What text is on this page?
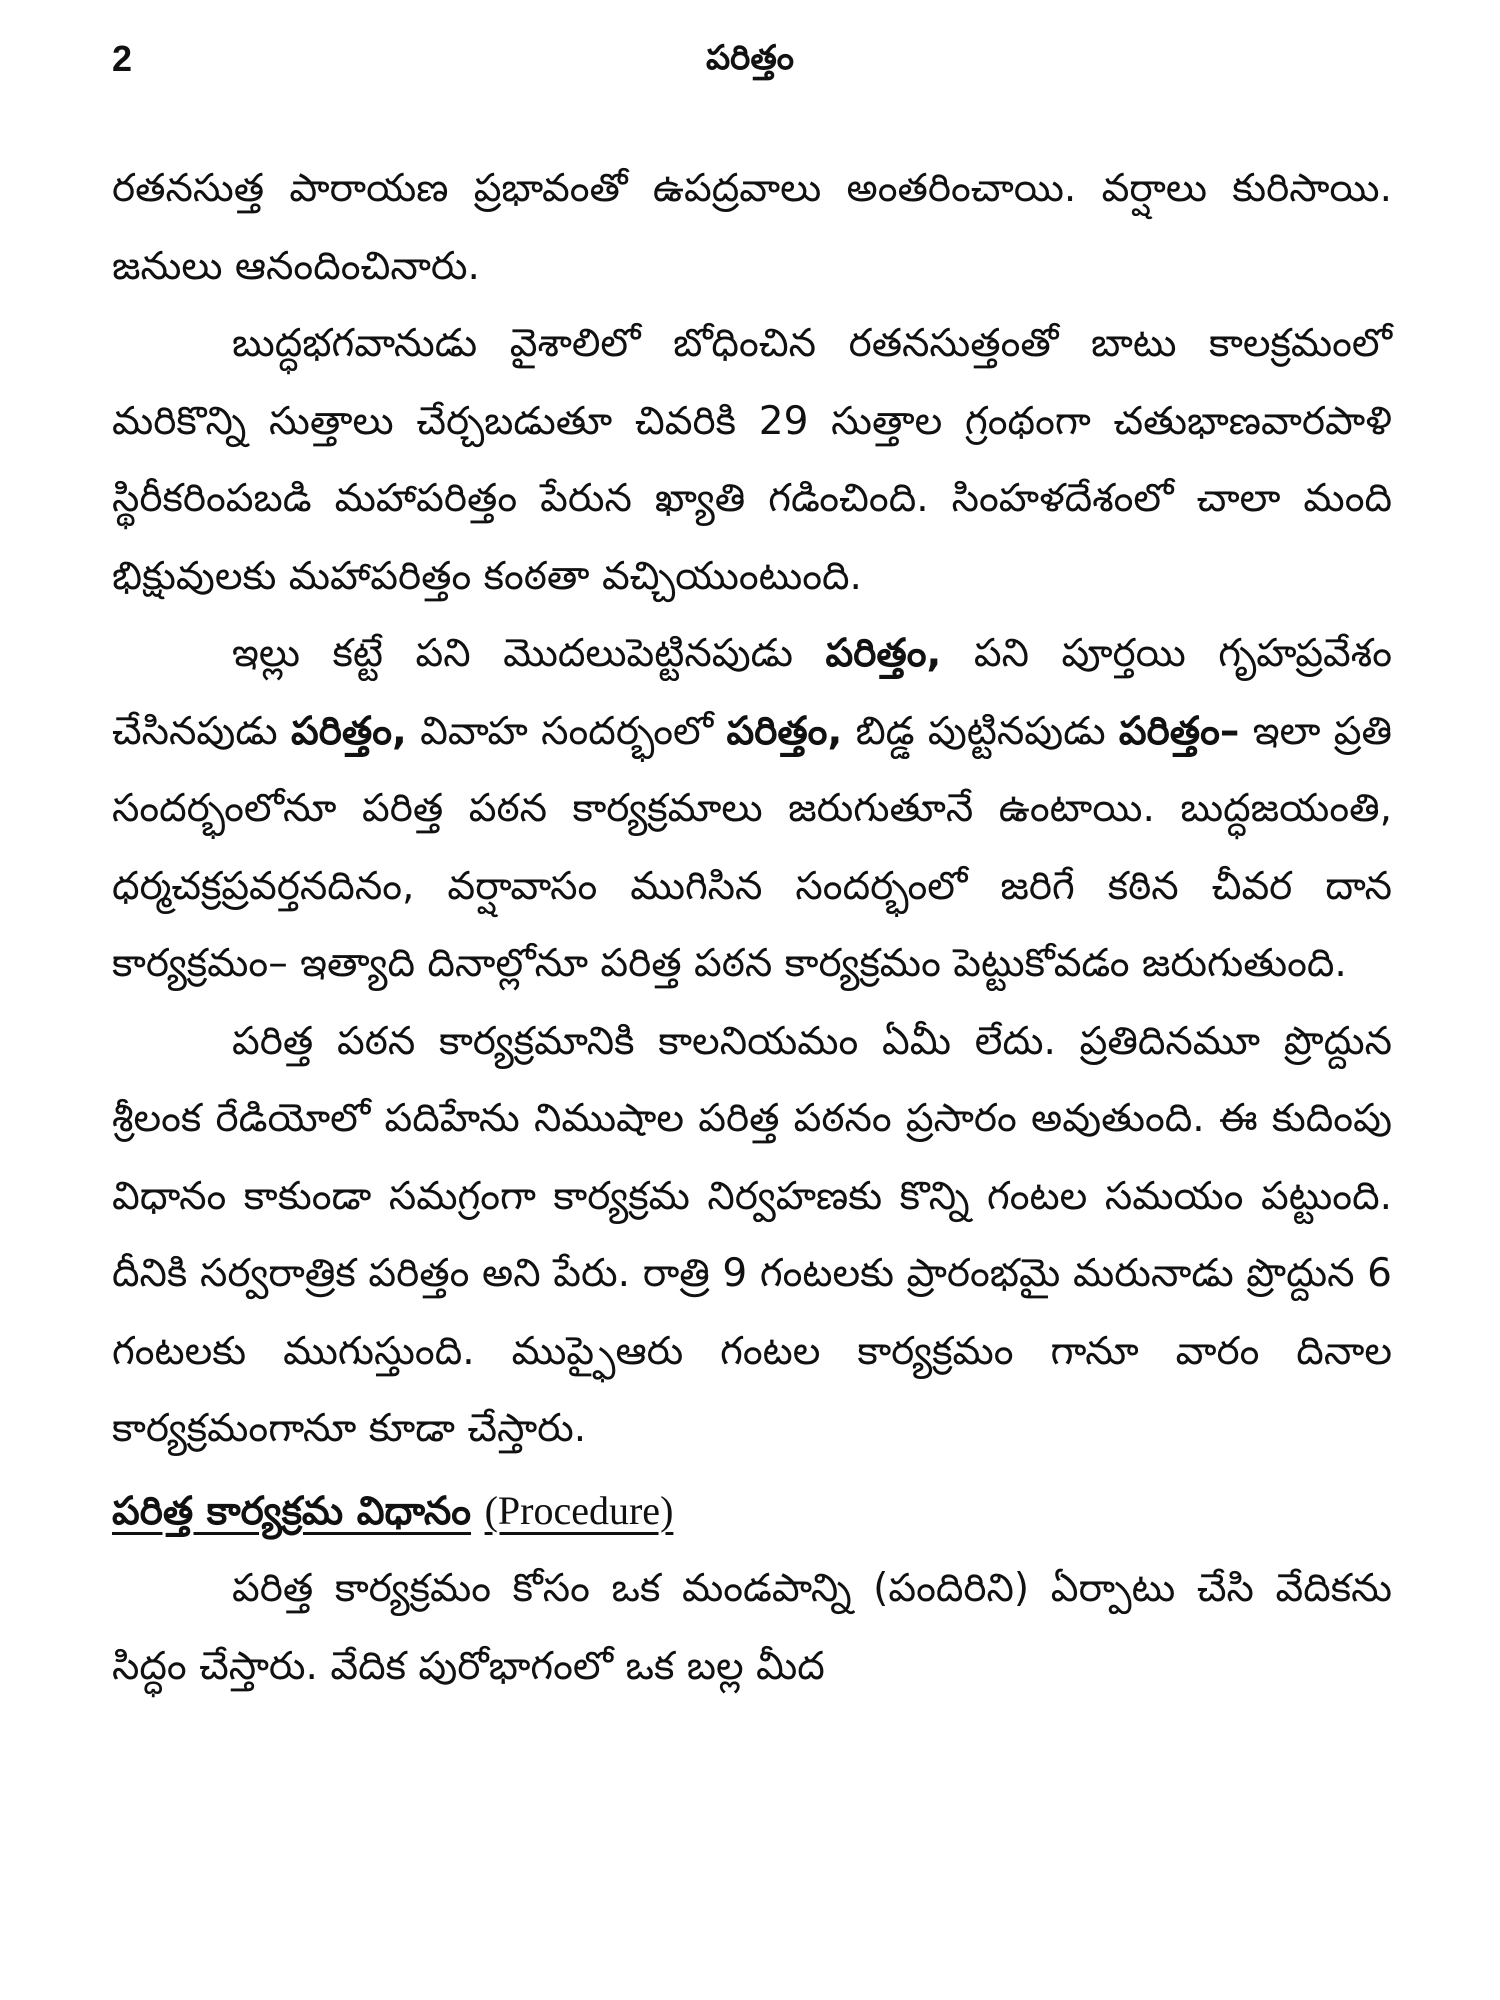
2	పరిత్తం

రతనసుత్త పారాయణ ప్రభావంతో ఉపద్రవాలు అంతరించాయి. వర్షాలు కురిసాయి. జనులు ఆనందించినారు.

బుద్ధభగవానుడు వైశాలిలో బోధించిన రతనసుత్తంతో బాటు కాలక్రమంలో మరికొన్ని సుత్తాలు చేర్చబడుతూ చివరికి 29 సుత్తాల గ్రంథంగా చతుభాణవారపాళి స్థిరీకరింపబడి మహాపరిత్తం పేరున ఖ్యాతి గడించింది. సింహళదేశంలో చాలా మంది భిక్షువులకు మహాపరిత్తం కంఠతా వచ్చియుంటుంది.

ఇల్లు కట్టే పని మొదలుపెట్టినపుడు పరిత్తం, పని పూర్తయి గృహప్రవేశం చేసినపుడు పరిత్తం, వివాహ సందర్భంలో పరిత్తం, బిడ్డ పుట్టినపుడు పరిత్తం– ఇలా ప్రతి సందర్భంలోనూ పరిత్త పఠన కార్యక్రమాలు జరుగుతూనే ఉంటాయి. బుద్ధజయంతి, ధర్మచక్రప్రవర్తనదినం, వర్షావాసం ముగిసిన సందర్భంలో జరిగే కఠిన చీవర దాన కార్యక్రమం– ఇత్యాది దినాల్లోనూ పరిత్త పఠన కార్యక్రమం పెట్టుకోవడం జరుగుతుంది.

పరిత్త పఠన కార్యక్రమానికి కాలనియమం ఏమీ లేదు. ప్రతిదినమూ ప్రొద్దున శ్రీలంక రేడియోలో పదిహేను నిముషాల పరిత్త పఠనం ప్రసారం అవుతుంది. ఈ కుదింపు విధానం కాకుండా సమగ్రంగా కార్యక్రమ నిర్వహణకు కొన్ని గంటల సమయం పట్టుంది. దీనికి సర్వరాత్రిక పరిత్తం అని పేరు. రాత్రి 9 గంటలకు ప్రారంభమై మరునాడు ప్రొద్దున 6 గంటలకు ముగుస్తుంది. ముప్ఫైఆరు గంటల కార్యక్రమం గానూ వారం దినాల కార్యక్రమంగానూ కూడా చేస్తారు.

పరిత్త కార్యక్రమ విధానం (Procedure)

పరిత్త కార్యక్రమం కోసం ఒక మండపాన్ని (పందిరిని) ఏర్పాటు చేసి వేదికను సిద్ధం చేస్తారు. వేదిక పురోభాగంలో ఒక బల్ల మీద
